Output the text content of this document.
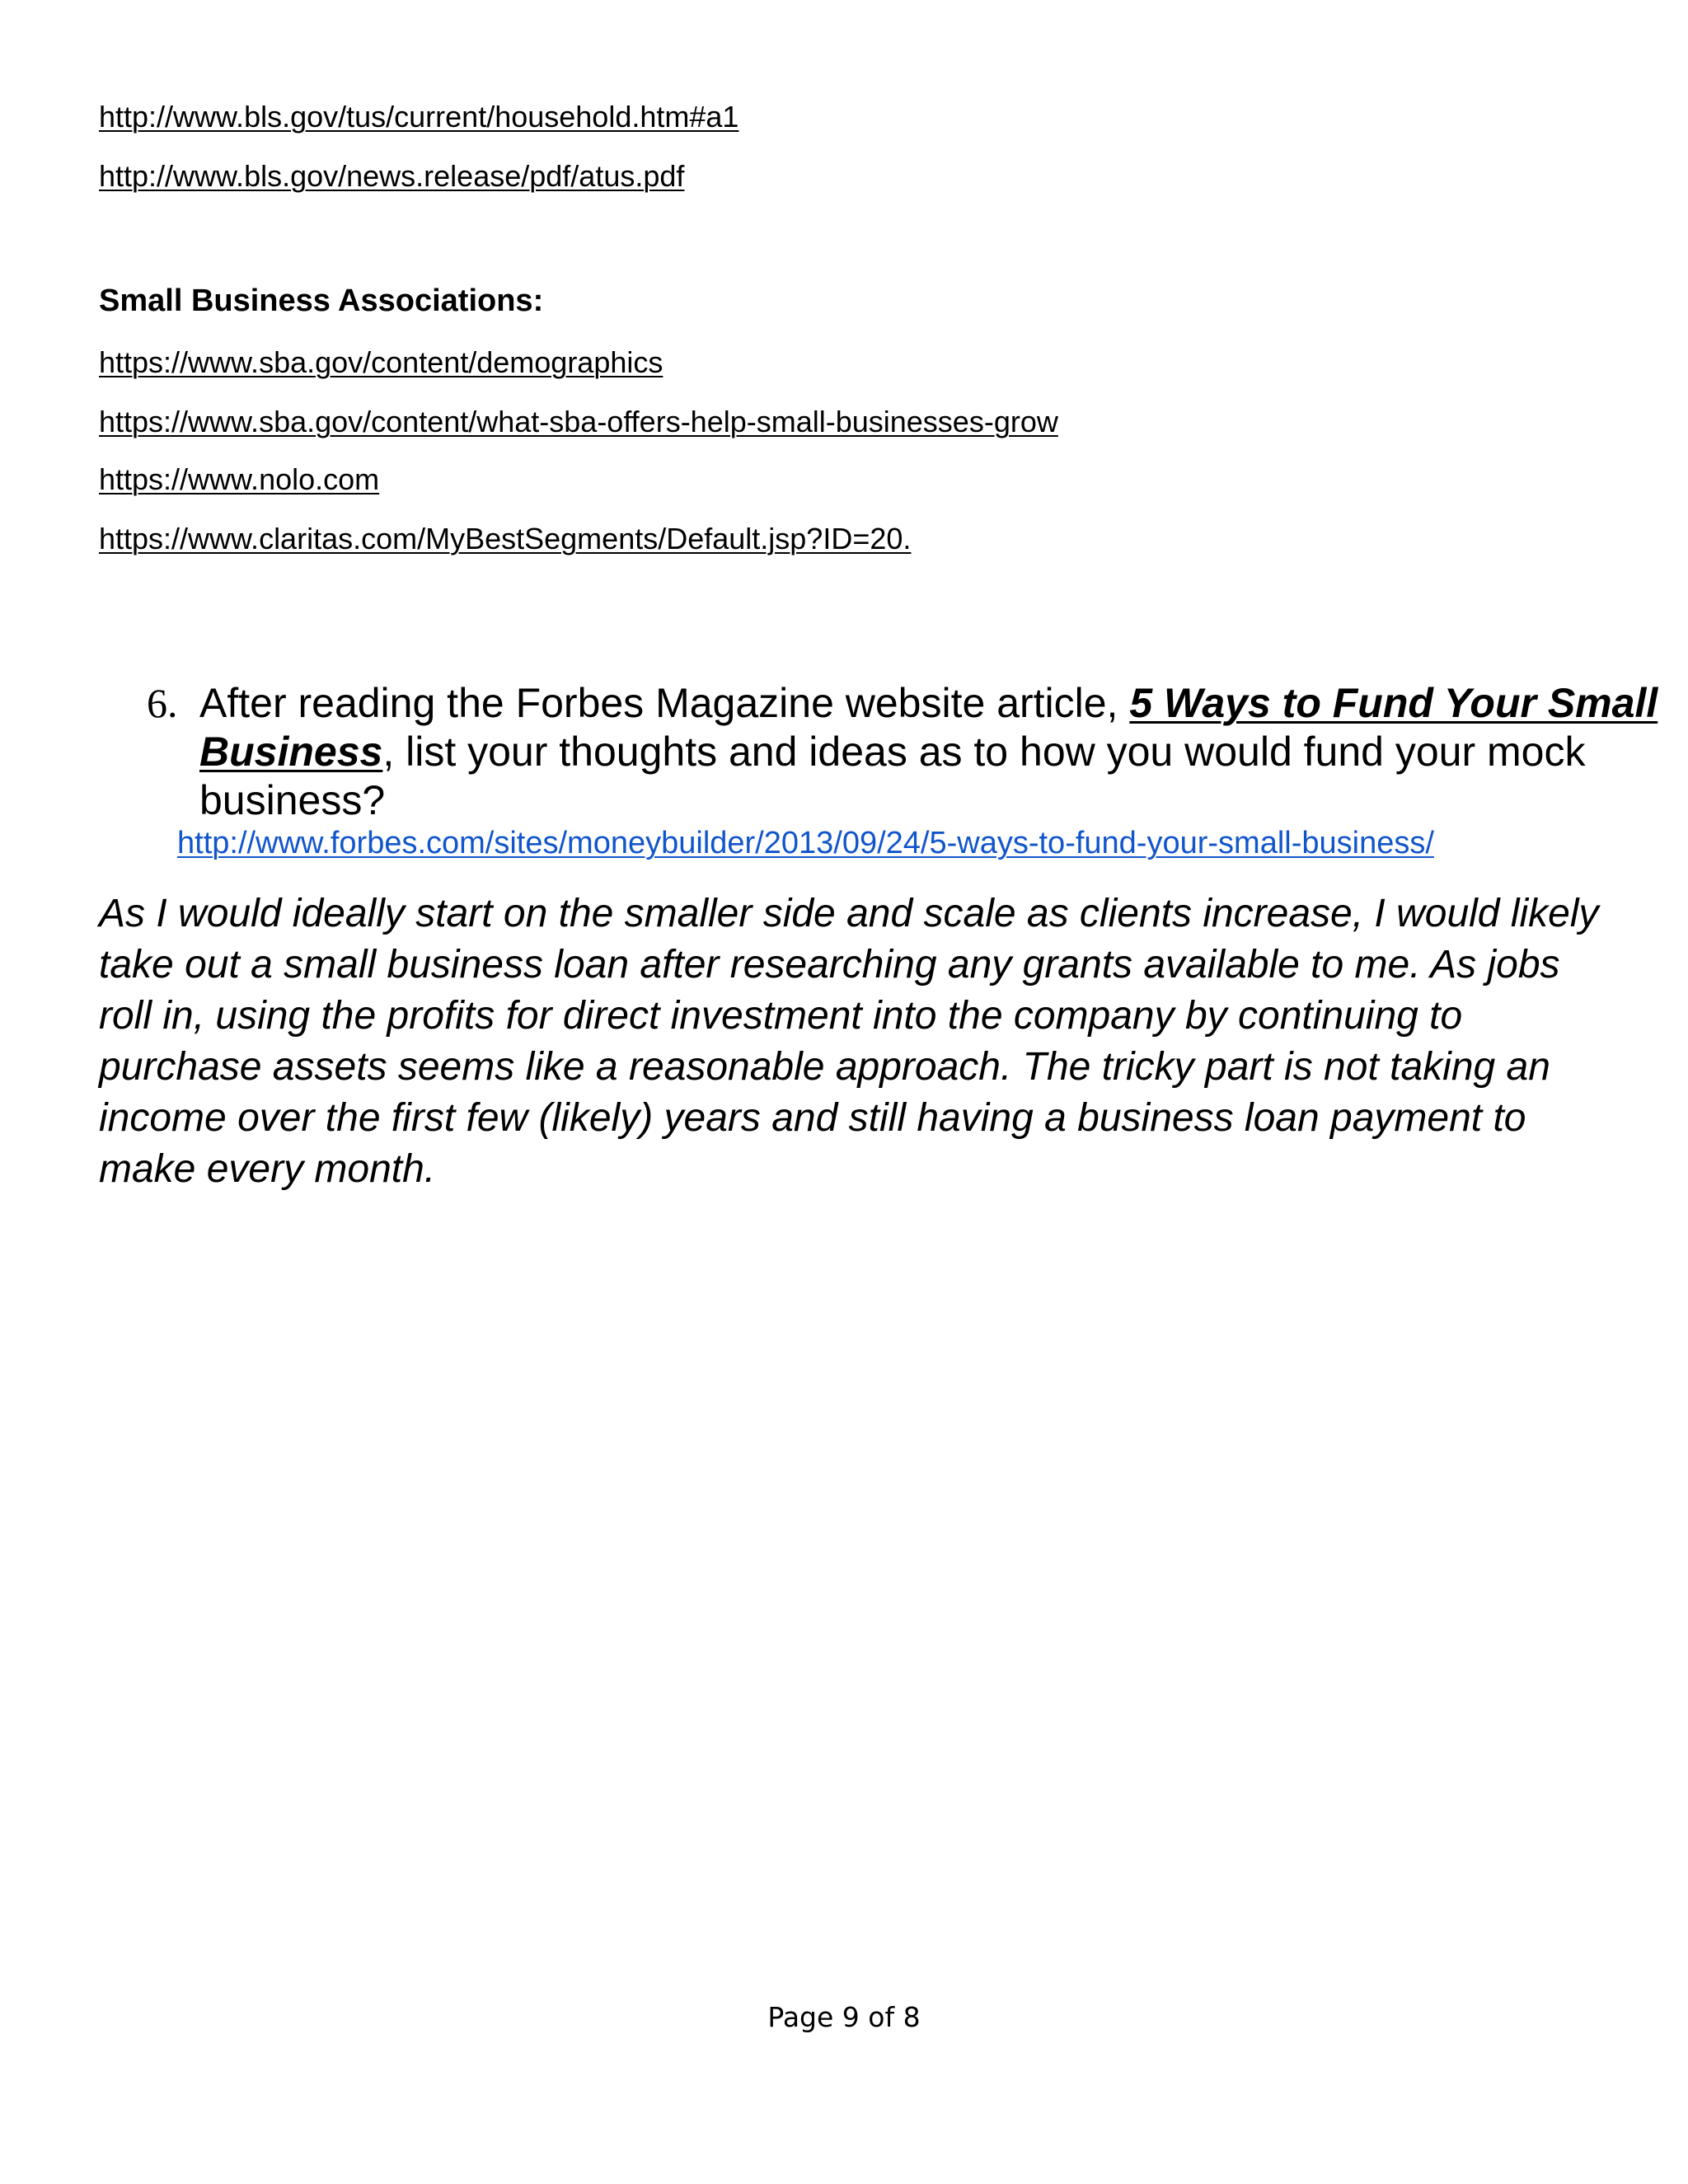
http://www.bls.gov/tus/current/household.htm#a1
http://www.bls.gov/news.release/pdf/atus.pdf
Small Business Associations:
https://www.sba.gov/content/demographics
https://www.sba.gov/content/what-sba-offers-help-small-businesses-grow
https://www.nolo.com
https://www.claritas.com/MyBestSegments/Default.jsp?ID=20.
6. After reading the Forbes Magazine website article, 5 Ways to Fund Your Small Business, list your thoughts and ideas as to how you would fund your mock business?
http://www.forbes.com/sites/moneybuilder/2013/09/24/5-ways-to-fund-your-small-business/
As I would ideally start on the smaller side and scale as clients increase, I would likely take out a small business loan after researching any grants available to me. As jobs roll in, using the profits for direct investment into the company by continuing to purchase assets seems like a reasonable approach. The tricky part is not taking an income over the first few (likely) years and still having a business loan payment to make every month.
Page 9 of 8
